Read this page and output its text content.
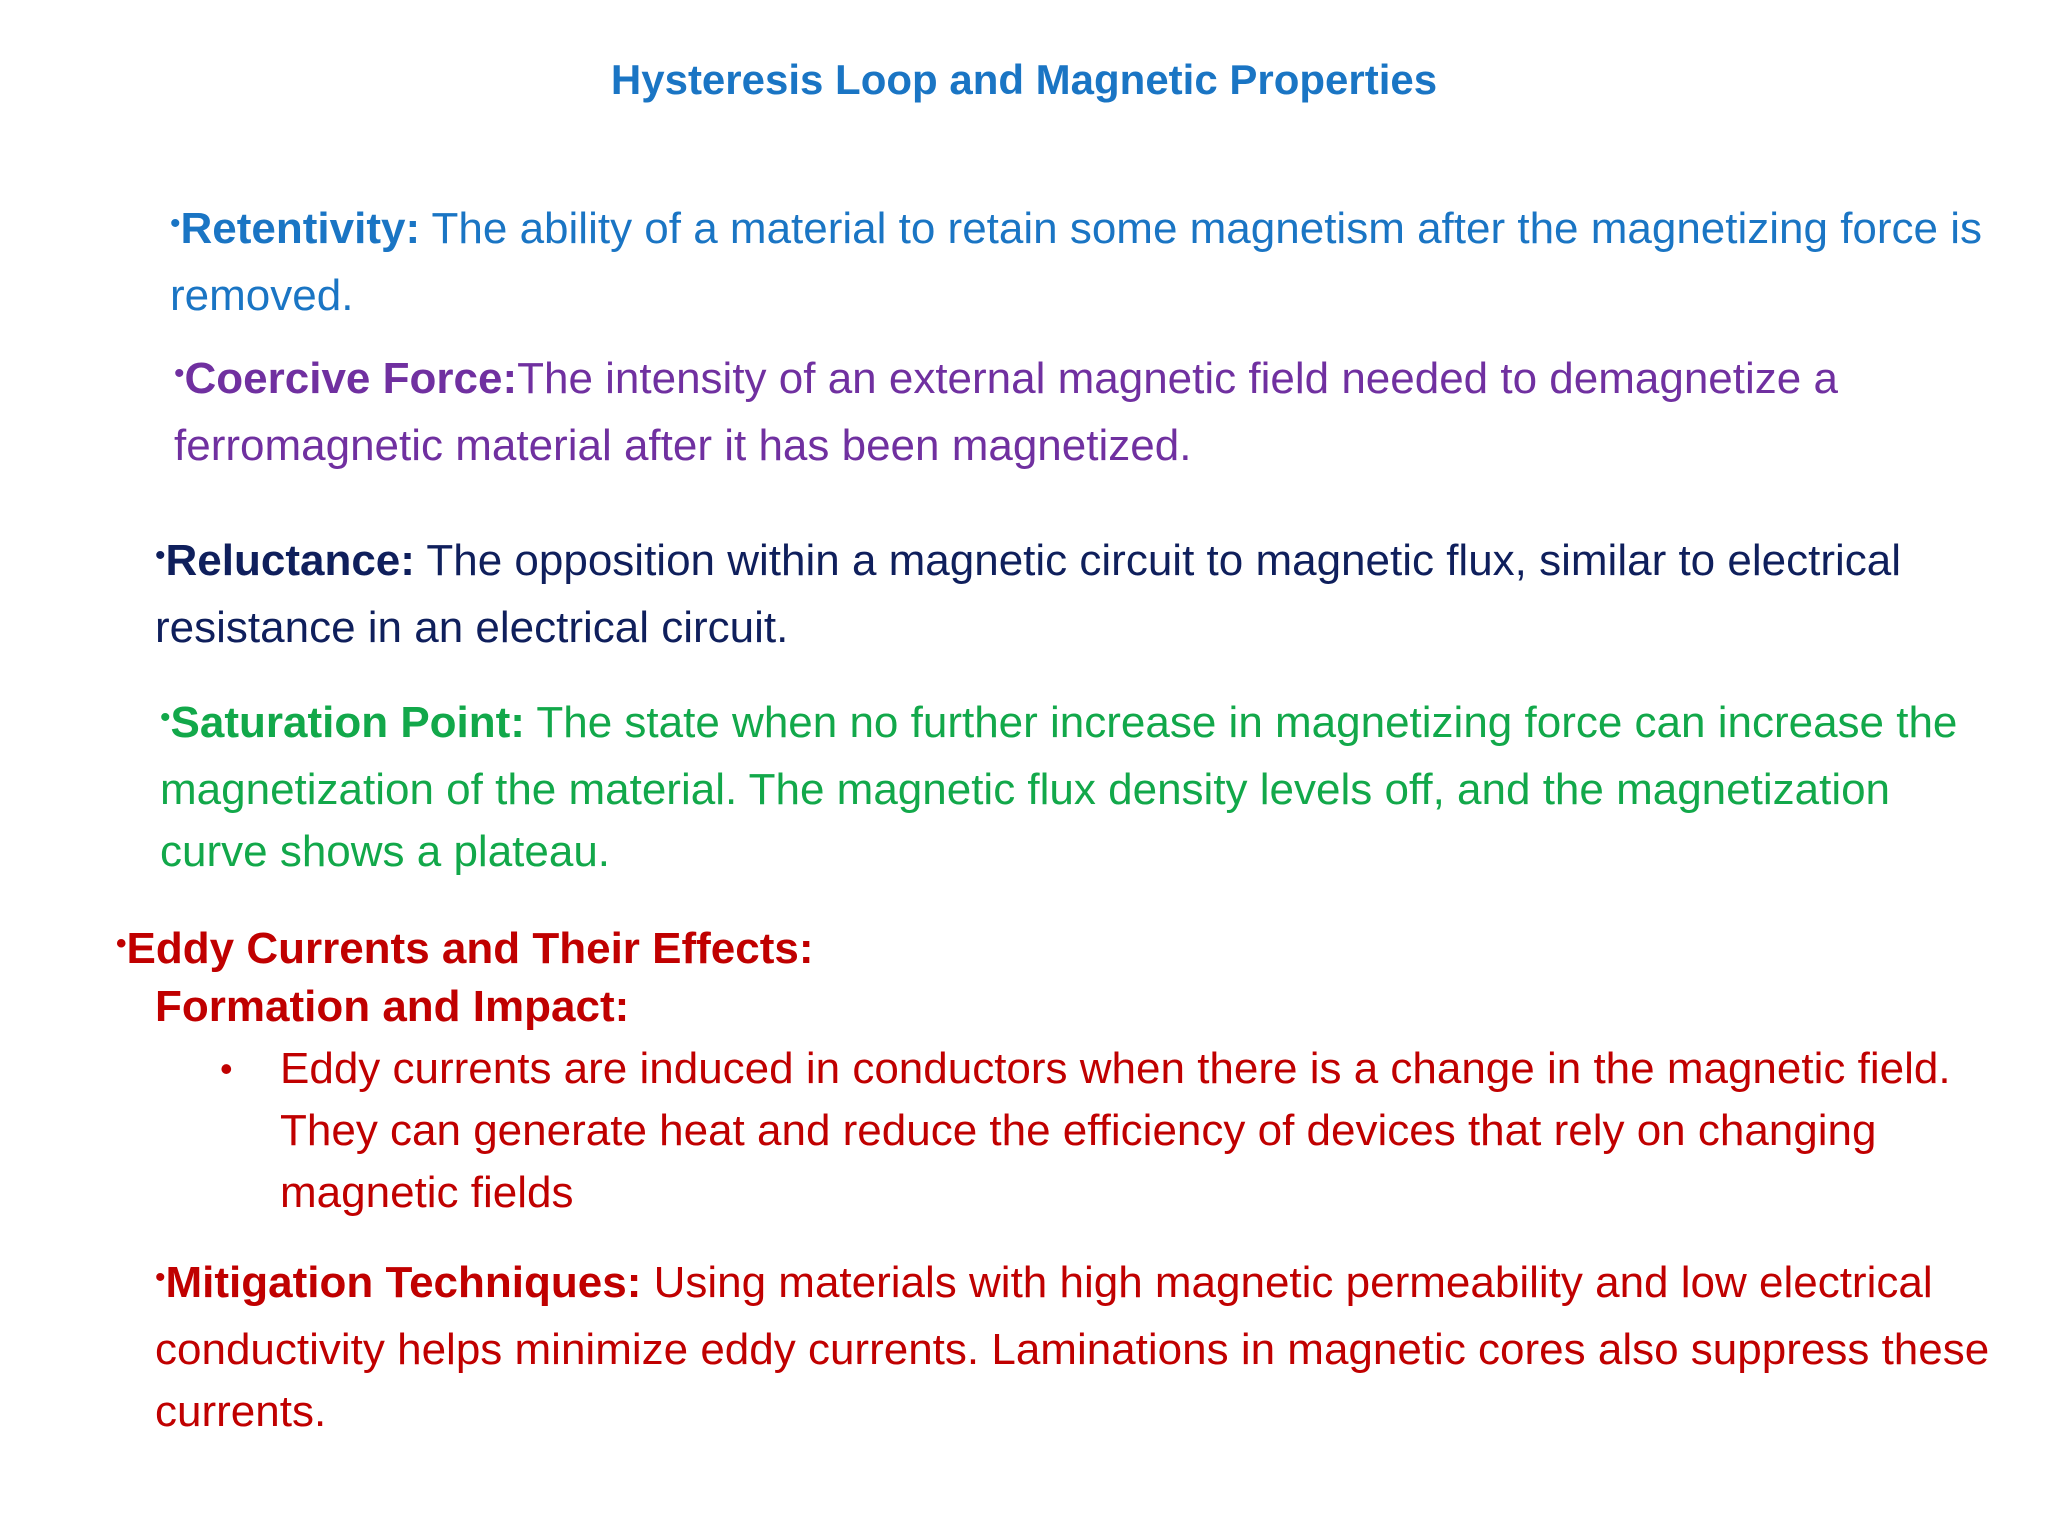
Hysteresis Loop and Magnetic Properties

•Retentivity: The ability of a material to retain some magnetism after the magnetizing force is removed.

•Coercive Force:The intensity of an external magnetic field needed to demagnetize a ferromagnetic material after it has been magnetized.

•Reluctance: The opposition within a magnetic circuit to magnetic flux, similar to electrical resistance in an electrical circuit.

•Saturation Point: The state when no further increase in magnetizing force can increase the magnetization of the material. The magnetic flux density levels off, and the magnetization curve shows a plateau.

•Eddy Currents and Their Effects:

Formation and Impact:

• Eddy currents are induced in conductors when there is a change in the magnetic field. They can generate heat and reduce the efficiency of devices that rely on changing magnetic fields

•Mitigation Techniques: Using materials with high magnetic permeability and low electrical conductivity helps minimize eddy currents. Laminations in magnetic cores also suppress these currents.
